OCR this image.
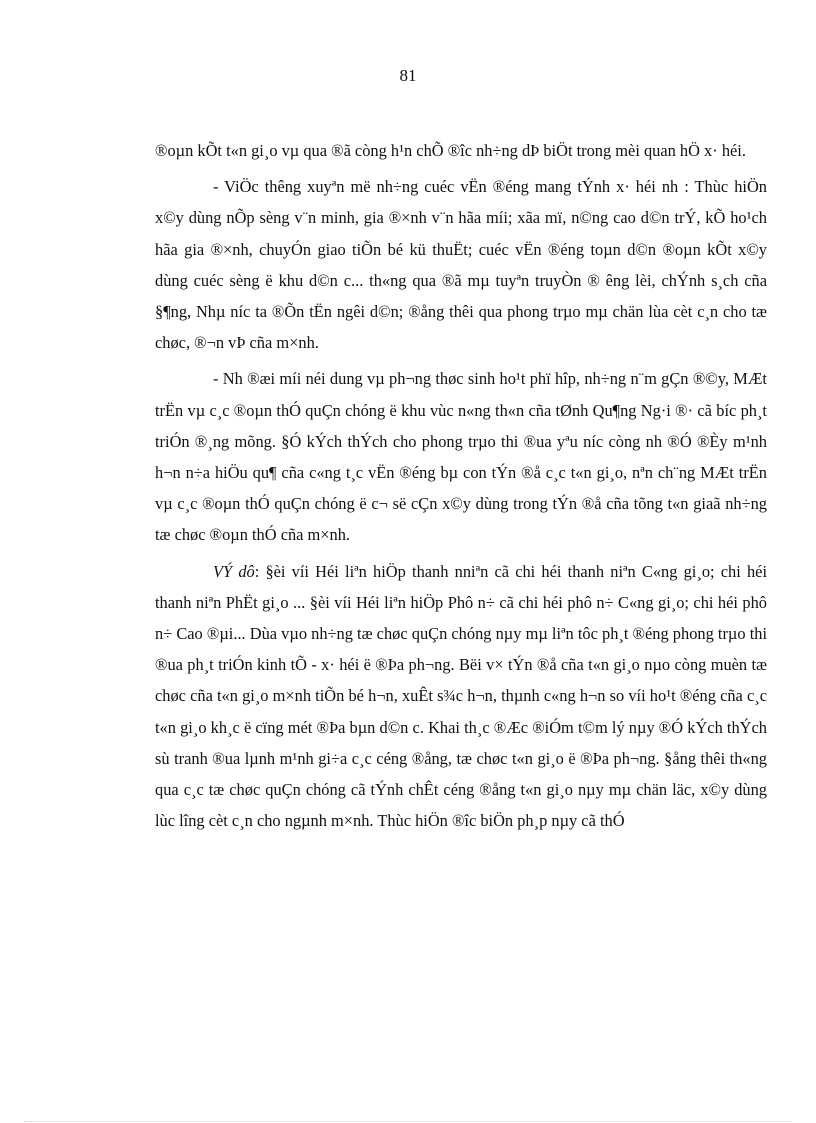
81

®oµn kÕt t«n gi¸o vµ qua ®ã còng h¹n chÕ ®îc nh÷ng dÞ biÖt trong mèi quan hÖ x· héi.

- ViÖc thêng xuyªn më nh÷ng cuéc vËn ®éng mang tÝnh x· héi nh : Thùc hiÖn x©y dùng nÕp sèng v¨n minh, gia ®×nh v¨n hãa míi; xãa mï, n©ng cao d©n trÝ, kÕ ho¹ch hãa gia ®×nh, chuyÓn giao tiÕn bé kü thuËt; cuéc vËn ®éng toµn d©n ®oµn kÕt x©y dùng cuéc sèng ë khu d©n c... th«ng qua ®ã mµ tuyªn truyÒn ® êng lèi, chÝnh s¸ch cña §¶ng, Nhµ níc ta ®Õn tËn ngêi d©n; ®ång thêi qua phong trµo mµ chän lùa cèt c¸n cho tæ chøc, ®¬n vÞ cña m×nh.

- Nh ®æi míi néi dung vµ ph¬ng thøc sinh ho¹t phï hîp, nh÷ng n¨m gÇn ®©y, MÆt trËn vµ c¸c ®oµn thÓ quÇn chóng ë khu vùc n«ng th«n cña tØnh Qu¶ng Ng·i ®· cã bíc ph¸t triÓn ®¸ng mõng. §Ó kÝch thÝch cho phong trµo thi ®ua yªu níc còng nh ®Ó ®Èy m¹nh h¬n n÷a hiÖu qu¶ cña c«ng t¸c vËn ®éng bµ con tÝn ®å c¸c t«n gi¸o, nªn ch¨ng MÆt trËn vµ c¸c ®oµn thÓ quÇn chóng ë c¬ së cÇn x©y dùng trong tÝn ®å cña tõng t«n giaã nh÷ng tæ chøc ®oµn thÓ cña m×nh.

VÝ dô: §èi víi Héi liªn hiÖp thanh nniªn cã chi héi thanh niªn C«ng gi¸o; chi héi thanh niªn PhËt gi¸o ... §èi víi Héi liªn hiÖp Phô n÷ cã chi héi phô n÷ C«ng gi¸o; chi héi phô n÷ Cao ®µi... Dùa vµo nh÷ng tæ chøc quÇn chóng nµy mµ liªn tôc ph¸t ®éng phong trµo thi ®ua ph¸t triÓn kinh tÕ - x· héi ë ®Þa ph¬ng. Bëi v× tÝn ®å cña t«n gi¸o nµo còng muèn tæ chøc cña t«n gi¸o m×nh tiÕn bé h¬n, xuÊt s¾c h¬n, thµnh c«ng h¬n so víi ho¹t ®éng cña c¸c t«n gi¸o kh¸c ë cïng mét ®Þa bµn d©n c. Khai th¸c ®Æc ®iÓm t©m lý nµy ®Ó kÝch thÝch sù tranh ®ua lµnh m¹nh gi÷a c¸c céng ®ång, tæ chøc t«n gi¸o ë ®Þa ph¬ng. §ång thêi th«ng qua c¸c tæ chøc quÇn chóng cã tÝnh chÊt céng ®ång t«n gi¸o nµy mµ chän läc, x©y dùng lùc lîng cèt c¸n cho ngµnh m×nh. Thùc hiÖn ®îc biÖn ph¸p nµy cã thÓ
